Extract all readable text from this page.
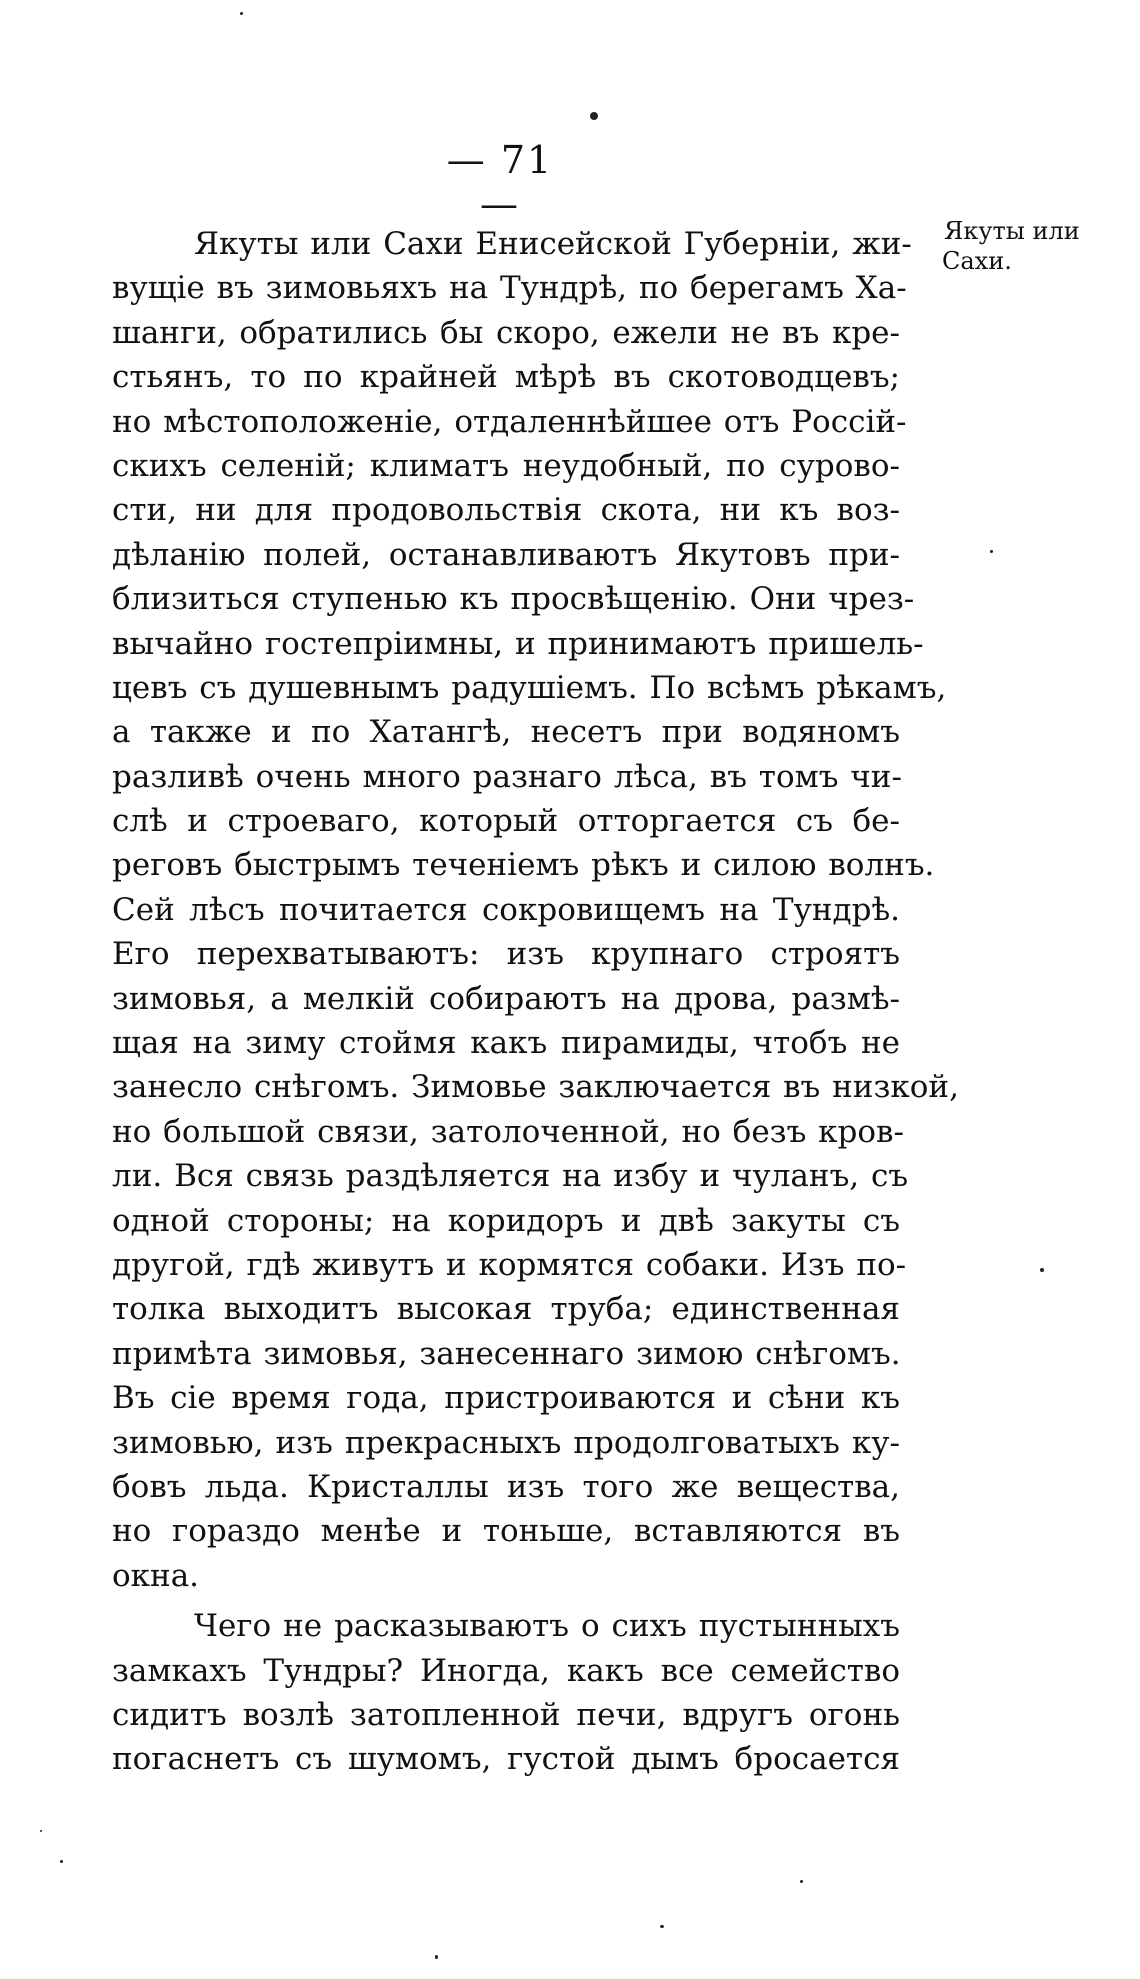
— 71 —
Якуты или
Сахи.
Якуты или Сахи Енисейской Губерніи, жи-
вущіе въ зимовьяхъ на Тундрѣ, по берегамъ Ха-
шанги, обратились бы скоро, ежели не въ кре-
стьянъ, то по крайней мѣрѣ въ скотоводцевъ;
но мѣстоположеніе, отдаленнѣйшее отъ Россій-
скихъ селеній; климатъ неудобный, по сурово-
сти, ни для продовольствія скота, ни къ воз-
дѣланію полей, останавливаютъ Якутовъ при-
близиться ступенью къ просвѣщенію. Они чрез-
вычайно гостепріимны, и принимаютъ пришель-
цевъ съ душевнымъ радушіемъ. По всѣмъ рѣкамъ,
а также и по Хатангѣ, несетъ при водяномъ
разливѣ очень много разнаго лѣса, въ томъ чи-
слѣ и строеваго, который отторгается съ бе-
реговъ быстрымъ теченіемъ рѣкъ и силою волнъ.
Сей лѣсъ почитается сокровищемъ на Тундрѣ.
Его перехватываютъ: изъ крупнаго строятъ
зимовья, а мелкій собираютъ на дрова, размѣ-
щая на зиму стоймя какъ пирамиды, чтобъ не
занесло снѣгомъ. Зимовье заключается въ низкой,
но большой связи, затолоченной, но безъ кров-
ли. Вся связь раздѣляется на избу и чуланъ, съ
одной стороны; на коридоръ и двѣ закуты съ
другой, гдѣ живутъ и кормятся собаки. Изъ по-
толка выходитъ высокая труба; единственная
примѣта зимовья, занесеннаго зимою снѣгомъ.
Въ сіе время года, пристроиваются и сѣни къ
зимовью, изъ прекрасныхъ продолговатыхъ ку-
бовъ льда. Кристаллы изъ того же вещества,
но гораздо менѣе и тоньше, вставляются въ
окна.
Чего не расказываютъ о сихъ пустынныхъ
замкахъ Тундры? Иногда, какъ все семейство
сидитъ возлѣ затопленной печи, вдругъ огонь
погаснетъ съ шумомъ, густой дымъ бросается
